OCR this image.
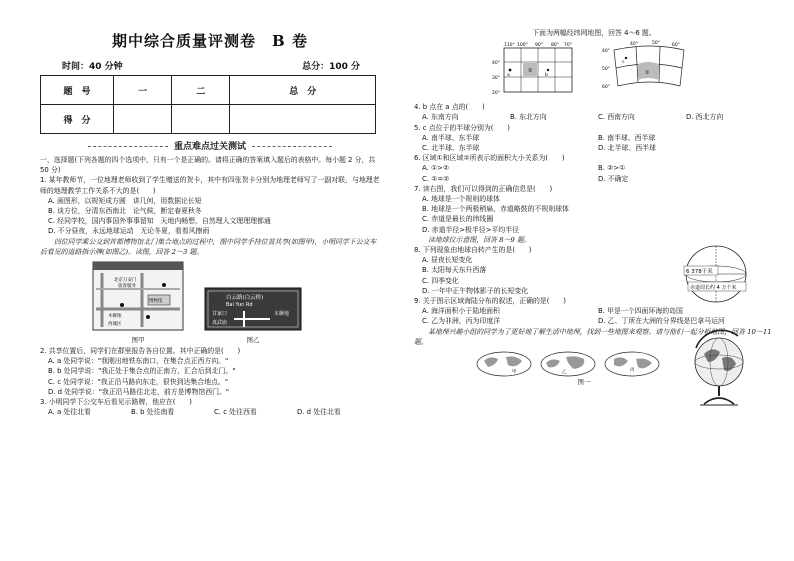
期中综合质量评测卷　B 卷
时间：40 分钟	总分：100 分
题　号	一	二	总　分
得　分			
重点难点过关测试

一、选择题(下列各题的四个选项中，只有一个是正确的。请将正确的答案填入题后的表格中。每小题 2 分，共 50 分)

1. 某年教师节，一位地理老师收到了学生赠送的贺卡，其中有四张贺卡分别为地理老师写了一副对联，与地理老师的地理教学工作关系不大的是(　　)

A. 画图形，以规矩成方圆　讲几何，用数据论长短
B. 谈方位，分清东西南北　论气候，断定春夏秋冬
C. 经同学校，国内事国外事事留知　天地内畅想，自然理人文理理理都通
D. 不分昼夜，永远地球运动　无论冬夏，看看风擦雨

四位同学乘公交到首都博物馆北门集合地点的过程中，图中同学手持位置共享(如图甲)，小明同学下公交车后看见的道路指示牌(如图乙)。读图，回答 2～3 题。

北京万安门
旅客服务
博物馆
木樨地
西城区
图甲
白云路(白云桥)
Bai Yun Rd
甘家口	木樨地
真武庙
图乙

2. 共享位置后，同学们在群里报告各自位置。其中正确的是(　　)

A. a 处同学说："我刚出地铁东南口，在集合点正西方向。"
B. b 处同学说："我正处于集合点的正南方，汇合后到北门。"
C. c 处同学说："我正沿马路向东走，很快到达集合地点。"
D. d 处同学说："我正沿马路往北走，前方是博物馆西门。"

3. 小明同学下公交车后看见示路牌，他应在(　　)

A. a 处往北看	B. b 处往南看	C. c 处往西看	D. d 处往北看

下面为两幅经纬网地图，回答 4～6 题。

②
a	b
110° 100° 90° 80° 70°
40°
30°
20°
①
c
40°	50°	60°
40°
50°
60°

4. b 点在 a 点的(　　)

A. 东南方向	B. 东北方向	C. 西南方向	D. 西北方向

5. c 点位于的半球分别为(　　)

A. 南半球、东半球	B. 南半球、西半球
C. 北半球、东半球	D. 北半球、西半球

6. 区域①和区域②所表示的面积大小关系为(　　)

A. ①>②	B. ②>①
C. ①=②	D. 不确定

7. 读右图，我们可以得到的正确信息是(　　)

A. 地球是一个规则的球体
B. 地球是一个两极稍扁、赤道略鼓的不规则球体
C. 赤道是最长的纬线圈
D. 赤道半径>极半径>平均半径

读地球仪示意图，回答 8～9 题。

8. 下列现象由地球自转产生的是(　　)

A. 昼夜长短变化
B. 太阳每天东升西落
C. 四季变化
D. 一年中正午物体影子的长短变化

9. 关于图示区域海陆分布的叙述，正确的是(　　)

A. 海洋面积小于陆地面积	B. 甲是一个四面环海的岛国
C. 乙为非洲，丙为印度洋	D. 乙、丁所在大洲的分界线是巴拿马运河

某地理兴趣小组的同学为了更好地了解生活中地理，找到一些地图来观察。请与他们一起分析地图，回答 10～11 题。

甲	乙	丙
图一
6 378千米
赤道周长约 4 万千米
